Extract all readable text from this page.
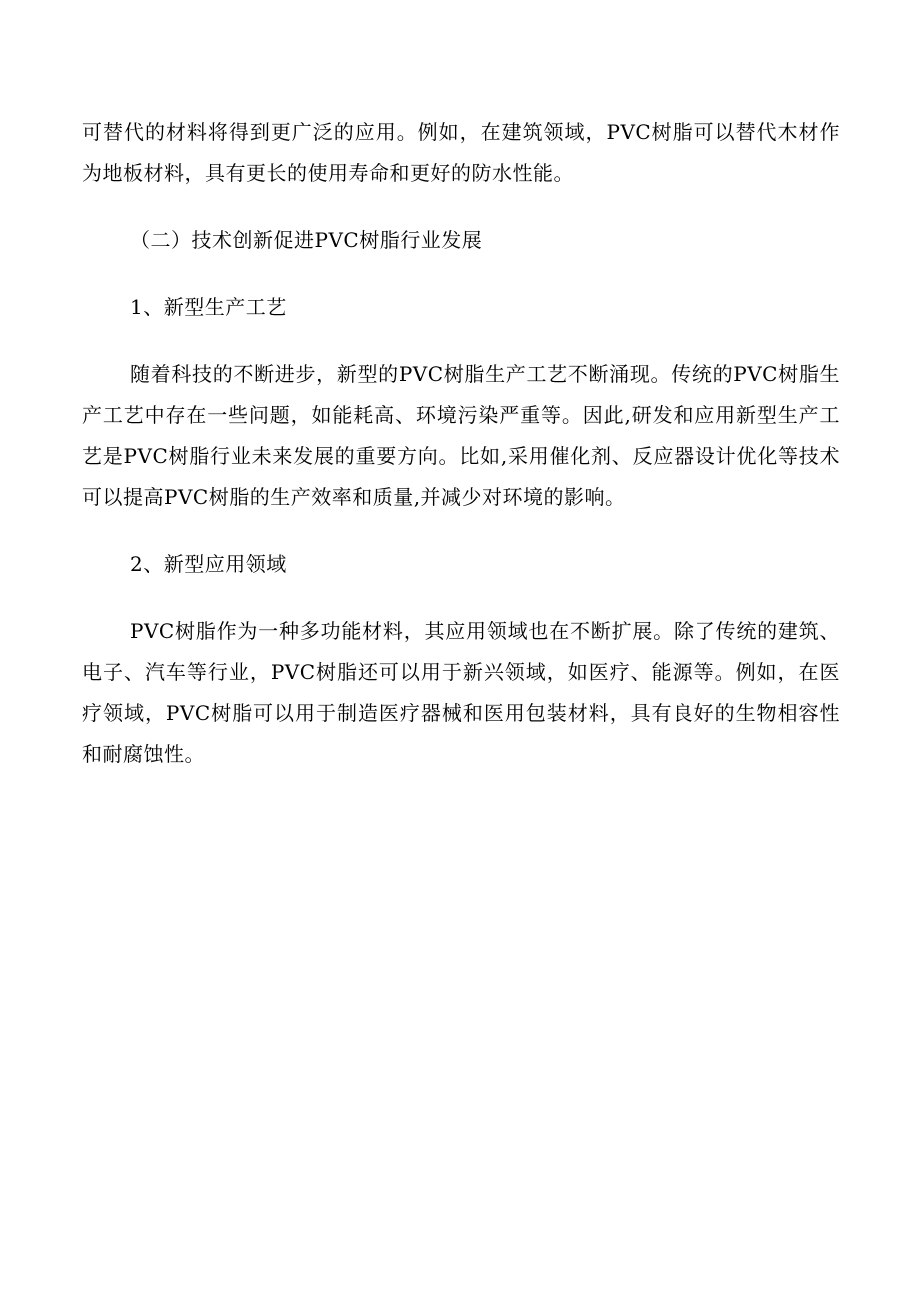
可替代的材料将得到更广泛的应用。例如，在建筑领域，PVC树脂可以替代木材作为地板材料，具有更长的使用寿命和更好的防水性能。

（二）技术创新促进PVC树脂行业发展

1、新型生产工艺

随着科技的不断进步，新型的PVC树脂生产工艺不断涌现。传统的PVC树脂生产工艺中存在一些问题，如能耗高、环境污染严重等。因此,研发和应用新型生产工艺是PVC树脂行业未来发展的重要方向。比如,采用催化剂、反应器设计优化等技术可以提高PVC树脂的生产效率和质量,并减少对环境的影响。

2、新型应用领域

PVC树脂作为一种多功能材料，其应用领域也在不断扩展。除了传统的建筑、电子、汽车等行业，PVC树脂还可以用于新兴领域，如医疗、能源等。例如，在医疗领域，PVC树脂可以用于制造医疗器械和医用包装材料，具有良好的生物相容性和耐腐蚀性。
